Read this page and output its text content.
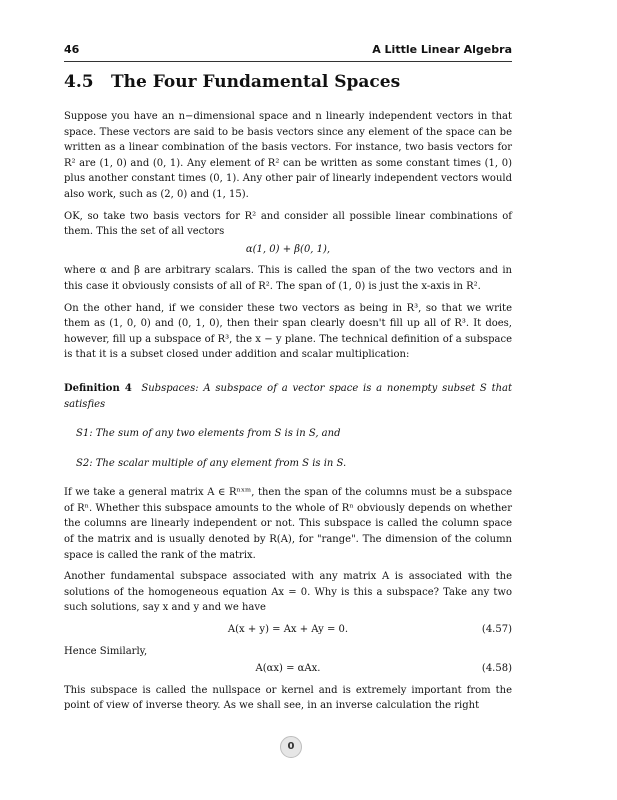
46	A Little Linear Algebra
4.5 The Four Fundamental Spaces

Suppose you have an n−dimensional space and n linearly independent vectors in that space. These vectors are said to be basis vectors since any element of the space can be written as a linear combination of the basis vectors. For instance, two basis vectors for R² are (1, 0) and (0, 1). Any element of R² can be written as some constant times (1, 0) plus another constant times (0, 1). Any other pair of linearly independent vectors would also work, such as (2, 0) and (1, 15).

OK, so take two basis vectors for R² and consider all possible linear combinations of them. This the set of all vectors

α(1, 0) + β(0, 1),

where α and β are arbitrary scalars. This is called the span of the two vectors and in this case it obviously consists of all of R². The span of (1, 0) is just the x-axis in R².

On the other hand, if we consider these two vectors as being in R³, so that we write them as (1, 0, 0) and (0, 1, 0), then their span clearly doesn't fill up all of R³. It does, however, fill up a subspace of R³, the x − y plane. The technical definition of a subspace is that it is a subset closed under addition and scalar multiplication:

Definition 4 Subspaces: A subspace of a vector space is a nonempty subset S that satisfies
S1: The sum of any two elements from S is in S, and
S2: The scalar multiple of any element from S is in S.

If we take a general matrix A ∈ Rⁿˣᵐ, then the span of the columns must be a subspace of Rⁿ. Whether this subspace amounts to the whole of Rⁿ obviously depends on whether the columns are linearly independent or not. This subspace is called the column space of the matrix and is usually denoted by R(A), for "range". The dimension of the column space is called the rank of the matrix.

Another fundamental subspace associated with any matrix A is associated with the solutions of the homogeneous equation Ax = 0. Why is this a subspace? Take any two such solutions, say x and y and we have

A(x + y) = Ax + Ay = 0.	(4.57)

Hence Similarly,

A(αx) = αAx.	(4.58)

This subspace is called the nullspace or kernel and is extremely important from the point of view of inverse theory. As we shall see, in an inverse calculation the right

0
